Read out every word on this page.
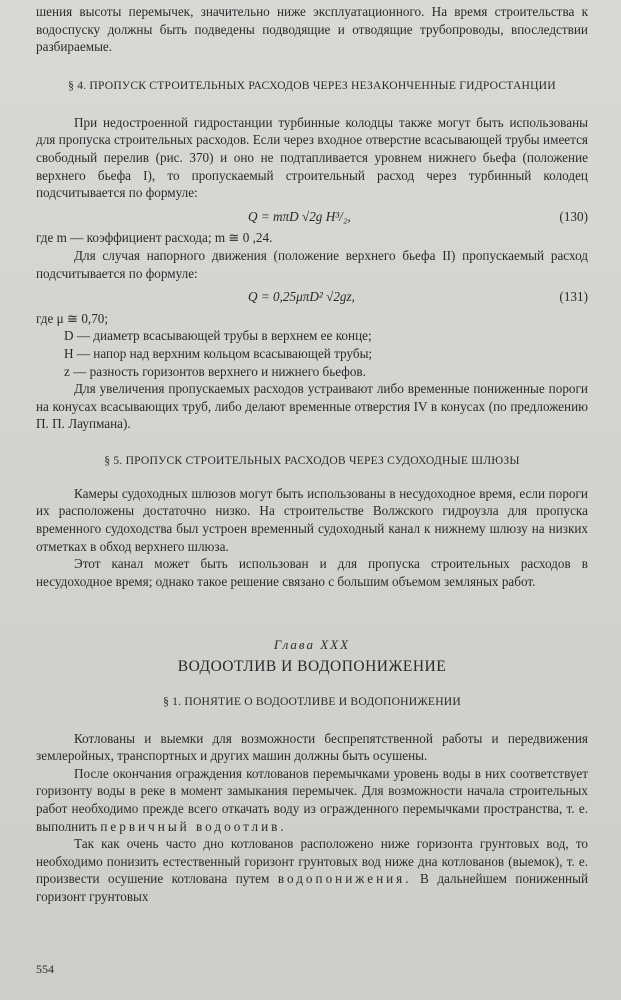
шения высоты перемычек, значительно ниже эксплуатационного. На время строительства к водоспуску должны быть подведены подводящие и отводящие трубопроводы, впоследствии разбираемые.

§ 4. ПРОПУСК СТРОИТЕЛЬНЫХ РАСХОДОВ ЧЕРЕЗ НЕЗАКОНЧЕННЫЕ ГИДРОСТАНЦИИ

При недостроенной гидростанции турбинные колодцы также могут быть использованы для пропуска строительных расходов. Если через входное отверстие всасывающей трубы имеется свободный перелив (рис. 370) и оно не подтапливается уровнем нижнего бьефа (положение верхнего бьефа I), то пропускаемый строительный расход через турбинный колодец подсчитывается по формуле:

Q = mπD √2g H³/₂,	(130)

где m — коэффициент расхода; m ≅ 0 ,24.

Для случая напорного движения (положение верхнего бьефа II) пропускаемый расход подсчитывается по формуле:

Q = 0,25μπD² √2gz,	(131)

где μ ≅ 0,70;

D — диаметр всасывающей трубы в верхнем ее конце;

H — напор над верхним кольцом всасывающей трубы;

z — разность горизонтов верхнего и нижнего бьефов.

Для увеличения пропускаемых расходов устраивают либо временные пониженные пороги на конусах всасывающих труб, либо делают временные отверстия IV в конусах (по предложению П. П. Лаупмана).

§ 5. ПРОПУСК СТРОИТЕЛЬНЫХ РАСХОДОВ ЧЕРЕЗ СУДОХОДНЫЕ ШЛЮЗЫ

Камеры судоходных шлюзов могут быть использованы в несудоходное время, если пороги их расположены достаточно низко. На строительстве Волжского гидроузла для пропуска временного судоходства был устроен временный судоходный канал к нижнему шлюзу на низких отметках в обход верхнего шлюза.

Этот канал может быть использован и для пропуска строительных расходов в несудоходное время; однако такое решение связано с большим объемом земляных работ.

Глава XXX
ВОДООТЛИВ И ВОДОПОНИЖЕНИЕ
§ 1. ПОНЯТИЕ О ВОДООТЛИВЕ И ВОДОПОНИЖЕНИИ

Котлованы и выемки для возможности беспрепятственной работы и передвижения землеройных, транспортных и других машин должны быть осушены.

После окончания ограждения котлованов перемычками уровень воды в них соответствует горизонту воды в реке в момент замыкания перемычек. Для возможности начала строительных работ необходимо прежде всего откачать воду из огражденного перемычками пространства, т. е. выполнить первичный водоотлив.

Так как очень часто дно котлованов расположено ниже горизонта грунтовых вод, то необходимо понизить естественный горизонт грунтовых вод ниже дна котлованов (выемок), т. е. произвести осушение котлована путем водопонижения. В дальнейшем пониженный горизонт грунтовых

554
